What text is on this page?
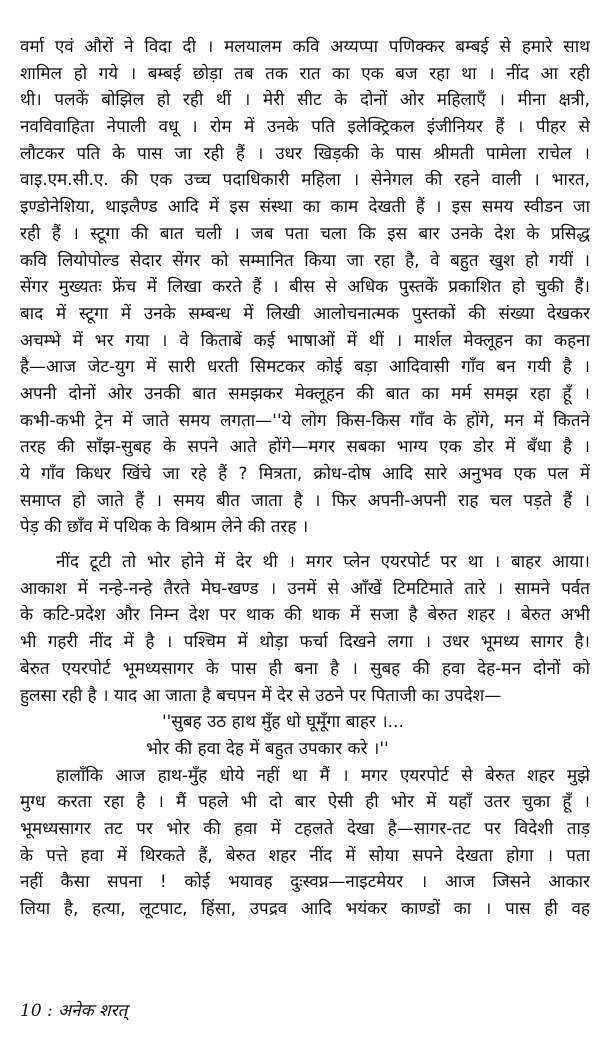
वर्मा एवं औरों ने विदा दी । मलयालम कवि अय्यप्पा पणिक्कर बम्बई से हमारे साथ
शामिल हो गये । बम्बई छोड़ा तब तक रात का एक बज रहा था । नींद आ रही
थी। पलकें बोझिल हो रही थीं । मेरी सीट के दोनों ओर महिलाएँ । मीना क्षत्री,
नवविवाहिता नेपाली वधू । रोम में उनके पति इलेक्ट्रिकल इंजीनियर हैं । पीहर से
लौटकर पति के पास जा रही हैं । उधर खिड़की के पास श्रीमती पामेला राचेल ।
वाइ.एम.सी.ए. की एक उच्च पदाधिकारी महिला । सेनेगल की रहने वाली । भारत,
इण्डोनेशिया, थाइलैण्ड आदि में इस संस्था का काम देखती हैं । इस समय स्वीडन जा
रही हैं । स्टूगा की बात चली । जब पता चला कि इस बार उनके देश के प्रसिद्ध
कवि लियोपोल्ड सेदार सेंगर को सम्मानित किया जा रहा है, वे बहुत खुश हो गयीं ।
सेंगर मुख्यतः फ्रेंच में लिखा करते हैं । बीस से अधिक पुस्तकें प्रकाशित हो चुकी हैं।
बाद में स्टूगा में उनके सम्बन्ध में लिखी आलोचनात्मक पुस्तकों की संख्या देखकर
अचम्भे में भर गया । वे किताबें कई भाषाओं में थीं । मार्शल मेक्लूहन का कहना
है—आज जेट-युग में सारी धरती सिमटकर कोई बड़ा आदिवासी गाँव बन गयी है ।
अपनी दोनों ओर उनकी बात समझकर मेक्लूहन की बात का मर्म समझ रहा हूँ ।
कभी-कभी ट्रेन में जाते समय लगता—''ये लोग किस-किस गाँव के होंगे, मन में कितने
तरह की साँझ-सुबह के सपने आते होंगे—मगर सबका भाग्य एक डोर में बँधा है ।
ये गाँव किधर खिंचे जा रहे हैं ? मित्रता, क्रोध-दोष आदि सारे अनुभव एक पल में
समाप्त हो जाते हैं । समय बीत जाता है । फिर अपनी-अपनी राह चल पड़ते हैं ।
पेड़ की छाँव में पथिक के विश्राम लेने की तरह ।
नींद टूटी तो भोर होने में देर थी । मगर प्लेन एयरपोर्ट पर था । बाहर आया।
आकाश में नन्हे-नन्हे तैरते मेघ-खण्ड । उनमें से आँखें टिमटिमाते तारे । सामने पर्वत
के कटि-प्रदेश और निम्न देश पर थाक की थाक में सजा है बेरुत शहर । बेरुत अभी
भी गहरी नींद में है । पश्चिम में थोड़ा फर्चा दिखने लगा । उधर भूमध्य सागर है।
बेरुत एयरपोर्ट भूमध्यसागर के पास ही बना है । सुबह की हवा देह-मन दोनों को
हुलसा रही है । याद आ जाता है बचपन में देर से उठने पर पिताजी का उपदेश—
''सुबह उठ हाथ मुँह धो घूमूँगा बाहर ।...
भोर की हवा देह में बहुत उपकार करे ।''
हालाँकि आज हाथ-मुँह धोये नहीं था मैं । मगर एयरपोर्ट से बेरुत शहर मुझे
मुग्ध करता रहा है । मैं पहले भी दो बार ऐसी ही भोर में यहाँ उतर चुका हूँ ।
भूमध्यसागर तट पर भोर की हवा में टहलते देखा है—सागर-तट पर विदेशी ताड़
के पत्ते हवा में थिरकते हैं, बेरुत शहर नींद में सोया सपने देखता होगा । पता
नहीं कैसा सपना ! कोई भयावह दुःस्वप्न—नाइटमेयर । आज जिसने आकार
लिया है, हत्या, लूटपाट, हिंसा, उपद्रव आदि भयंकर काण्डों का । पास ही वह
10 : अनेक शरत्
